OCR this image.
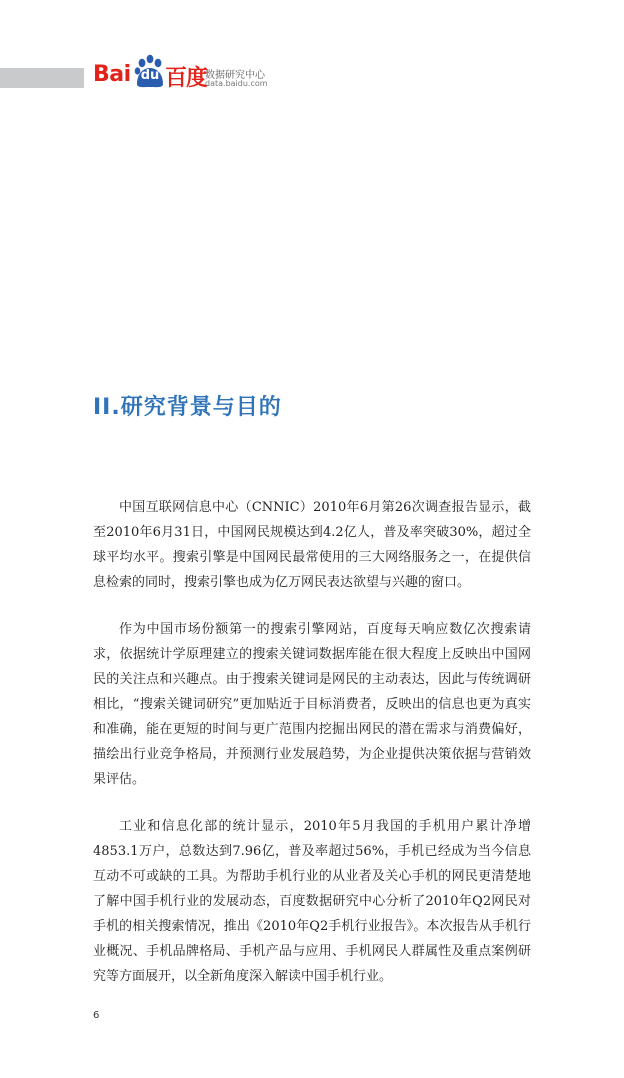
Bai du 百度
数据研究中心
data.baidu.com
II.研究背景与目的

中国互联网信息中心（CNNIC）2010年6月第26次调查报告显示，截至2010年6月31日，中国网民规模达到4.2亿人，普及率突破30%，超过全球平均水平。搜索引擎是中国网民最常使用的三大网络服务之一，在提供信息检索的同时，搜索引擎也成为亿万网民表达欲望与兴趣的窗口。

作为中国市场份额第一的搜索引擎网站，百度每天响应数亿次搜索请求，依据统计学原理建立的搜索关键词数据库能在很大程度上反映出中国网民的关注点和兴趣点。由于搜索关键词是网民的主动表达，因此与传统调研相比，“搜索关键词研究”更加贴近于目标消费者，反映出的信息也更为真实和准确，能在更短的时间与更广范围内挖掘出网民的潜在需求与消费偏好，描绘出行业竞争格局，并预测行业发展趋势，为企业提供决策依据与营销效果评估。

工业和信息化部的统计显示，2010年5月我国的手机用户累计净增4853.1万户，总数达到7.96亿，普及率超过56%，手机已经成为当今信息互动不可或缺的工具。为帮助手机行业的从业者及关心手机的网民更清楚地了解中国手机行业的发展动态，百度数据研究中心分析了2010年Q2网民对手机的相关搜索情况，推出《2010年Q2手机行业报告》。本次报告从手机行业概况、手机品牌格局、手机产品与应用、手机网民人群属性及重点案例研究等方面展开，以全新角度深入解读中国手机行业。

6
